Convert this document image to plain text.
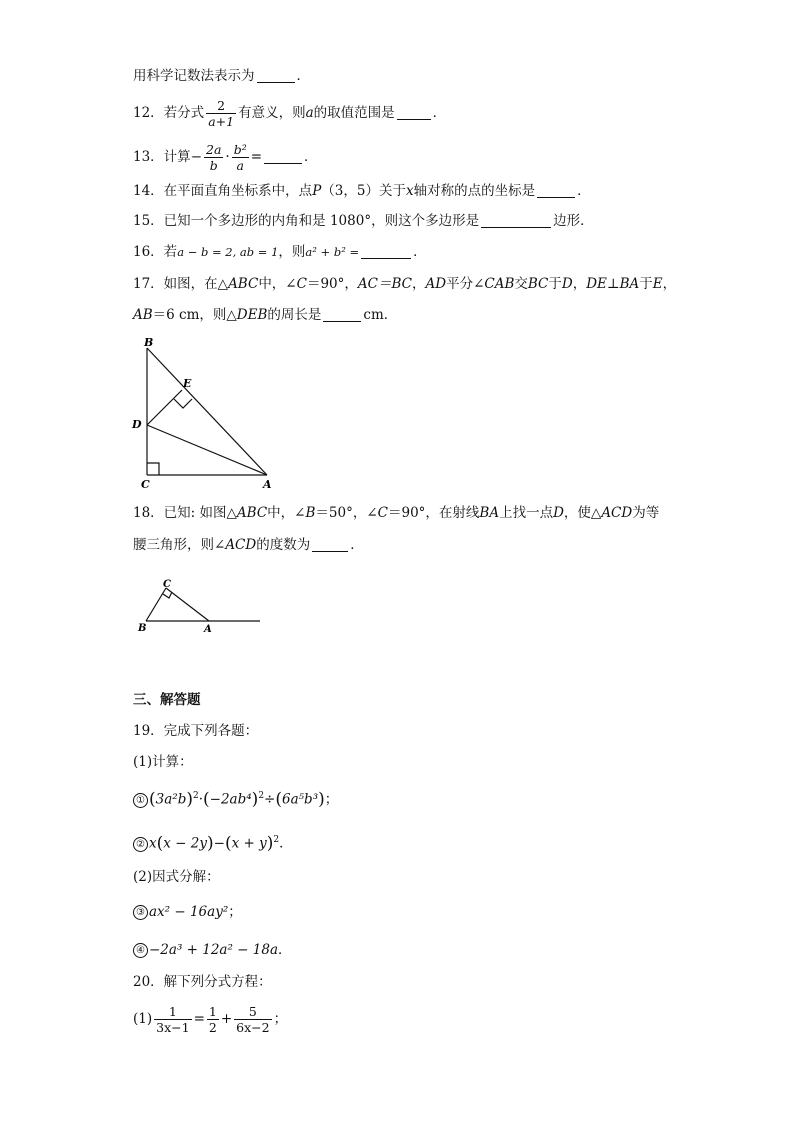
用科学记数法表示为	．
12．若分式 $\frac{2}{a+1}$ 有意义，则a的取值范围是	．
13．计算− $\frac{2a}{b} \cdot \frac{\text{b²}}{a}$ =	．
14．在平面直角坐标系中，点P（3，5）关于x轴对称的点的坐标是	．
15．已知一个多边形的内角和是 1080°，则这个多边形是	边形．
16．若a − b = 2, ab = 1，则a² + b² =	．
17．如图，在△ABC中，∠C＝90°，AC＝BC，AD平分∠CAB交BC于D，DE⊥BA于E，
AB＝6 cm，则△DEB的周长是	cm．
B
E
D
C	A
18．已知: 如图△ABC中，∠B＝50°，∠C＝90°，在射线BA上找一点D，使△ACD为等
腰三角形，则∠ACD的度数为	．
C
B	A
三、解答题
19．完成下列各题：
(1)计算：
① $(3a^2b)^2\cdot(-2ab^4)^2\div(6a^5b^3)$；
② $x(x - 2y)-(x + y)^2$．
(2)因式分解：
③ ax² − 16ay²；
④ −2a³ + 12a² − 18a．
20．解下列分式方程：
$(1) \frac{1}{3x-1} = \frac{1}{2} + \frac{5}{6x-2}$ ；
